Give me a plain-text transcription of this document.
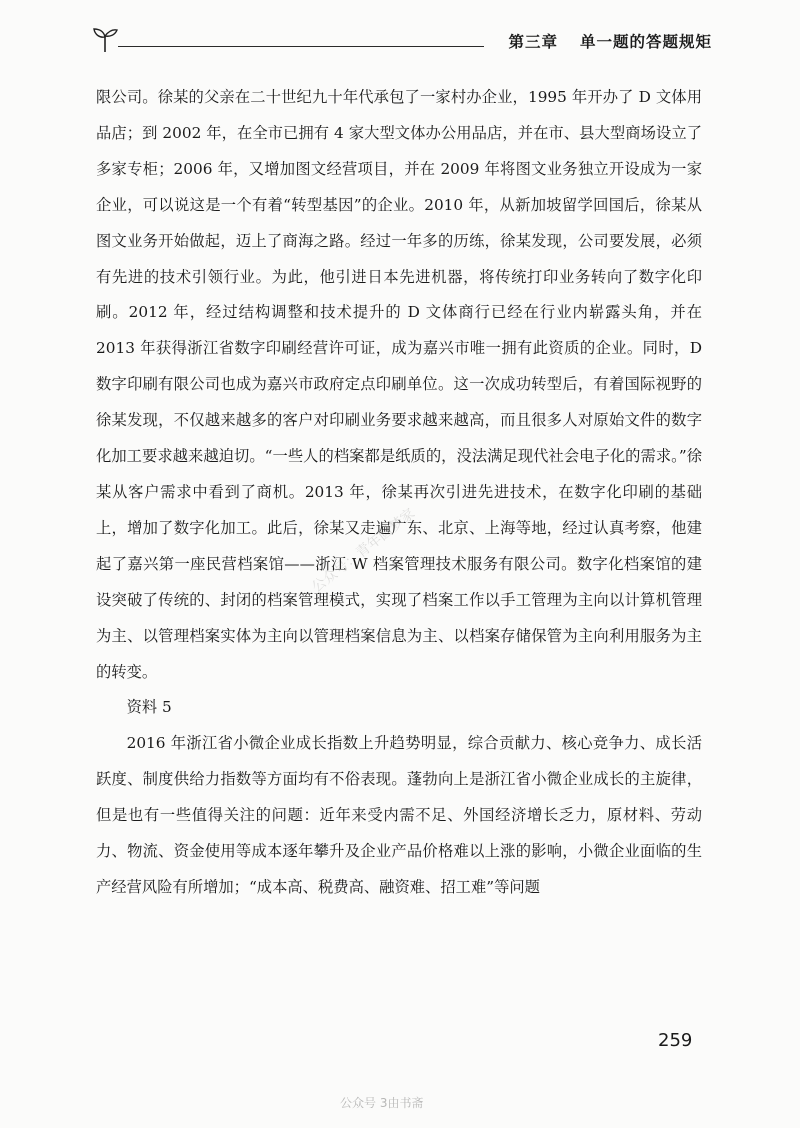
第三章 单一题的答题规矩

限公司。徐某的父亲在二十世纪九十年代承包了一家村办企业，1995 年开办了 D 文体用品店；到 2002 年，在全市已拥有 4 家大型文体办公用品店，并在市、县大型商场设立了多家专柜；2006 年，又增加图文经营项目，并在 2009 年将图文业务独立开设成为一家企业，可以说这是一个有着“转型基因”的企业。2010 年，从新加坡留学回国后，徐某从图文业务开始做起，迈上了商海之路。经过一年多的历练，徐某发现，公司要发展，必须有先进的技术引领行业。为此，他引进日本先进机器，将传统打印业务转向了数字化印刷。2012 年，经过结构调整和技术提升的 D 文体商行已经在行业内崭露头角，并在 2013 年获得浙江省数字印刷经营许可证，成为嘉兴市唯一拥有此资质的企业。同时，D 数字印刷有限公司也成为嘉兴市政府定点印刷单位。这一次成功转型后，有着国际视野的徐某发现，不仅越来越多的客户对印刷业务要求越来越高，而且很多人对原始文件的数字化加工要求越来越迫切。“一些人的档案都是纸质的，没法满足现代社会电子化的需求。”徐某从客户需求中看到了商机。2013 年，徐某再次引进先进技术，在数字化印刷的基础上，增加了数字化加工。此后，徐某又走遍广东、北京、上海等地，经过认真考察，他建起了嘉兴第一座民营档案馆——浙江 W 档案管理技术服务有限公司。数字化档案馆的建设突破了传统的、封闭的档案管理模式，实现了档案工作以手工管理为主向以计算机管理为主、以管理档案实体为主向以管理档案信息为主、以档案存储保管为主向利用服务为主的转变。

资料 5

2016 年浙江省小微企业成长指数上升趋势明显，综合贡献力、核心竞争力、成长活跃度、制度供给力指数等方面均有不俗表现。蓬勃向上是浙江省小微企业成长的主旋律，但是也有一些值得关注的问题：近年来受内需不足、外国经济增长乏力，原材料、劳动力、物流、资金使用等成本逐年攀升及企业产品价格难以上涨的影响，小微企业面临的生产经营风险有所增加；“成本高、税费高、融资难、招工难”等问题

公众号：青年圆梦家
259
公众号 3由书斋
